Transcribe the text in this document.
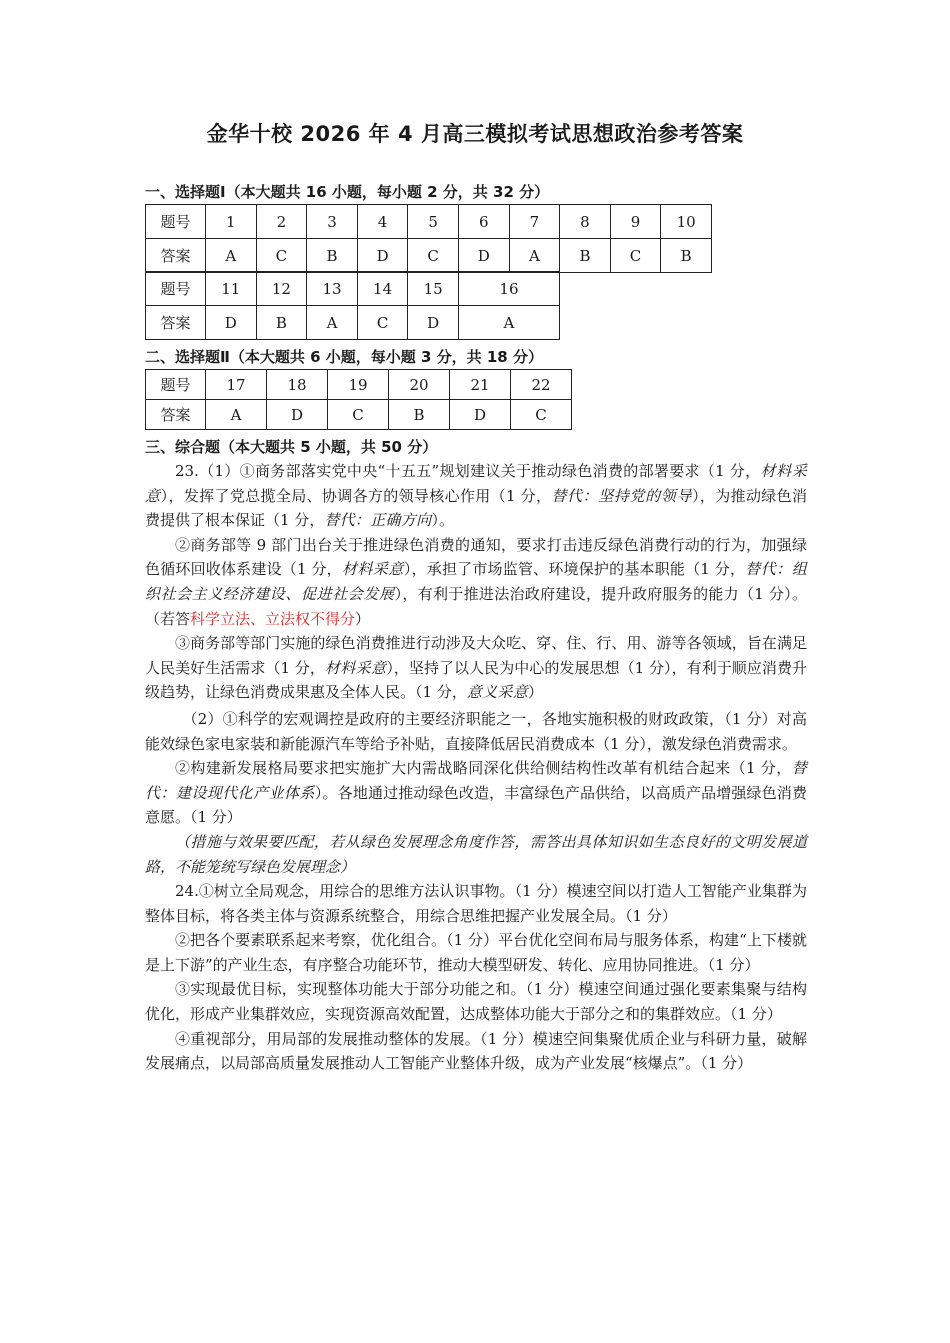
金华十校 2026 年 4 月高三模拟考试思想政治参考答案
一、选择题Ⅰ（本大题共 16 小题，每小题 2 分，共 32 分）
题号	1	2	3	4	5	6	7	8	9	10
答案	A	C	B	D	C	D	A	B	C	B
题号	11	12	13	14	15	16
答案	D	B	A	C	D	A
二、选择题Ⅱ（本大题共 6 小题，每小题 3 分，共 18 分）
题号	17	18	19	20	21	22
答案	A	D	C	B	D	C
三、综合题（本大题共 5 小题，共 50 分）

23.（1）①商务部落实党中央“十五五”规划建议关于推动绿色消费的部署要求（1 分，材料采意），发挥了党总揽全局、协调各方的领导核心作用（1 分，替代：坚持党的领导），为推动绿色消费提供了根本保证（1 分，替代：正确方向）。

②商务部等 9 部门出台关于推进绿色消费的通知，要求打击违反绿色消费行动的行为，加强绿色循环回收体系建设（1 分，材料采意），承担了市场监管、环境保护的基本职能（1 分，替代：组织社会主义经济建设、促进社会发展），有利于推进法治政府建设，提升政府服务的能力（1 分）。（若答科学立法、立法权不得分）

③商务部等部门实施的绿色消费推进行动涉及大众吃、穿、住、行、用、游等各领域，旨在满足人民美好生活需求（1 分，材料采意），坚持了以人民为中心的发展思想（1 分），有利于顺应消费升级趋势，让绿色消费成果惠及全体人民。（1 分，意义采意）

（2）①科学的宏观调控是政府的主要经济职能之一，各地实施积极的财政政策，（1 分）对高能效绿色家电家装和新能源汽车等给予补贴，直接降低居民消费成本（1 分），激发绿色消费需求。

②构建新发展格局要求把实施扩大内需战略同深化供给侧结构性改革有机结合起来（1 分，替代：建设现代化产业体系）。各地通过推动绿色改造，丰富绿色产品供给，以高质产品增强绿色消费意愿。（1 分）

（措施与效果要匹配，若从绿色发展理念角度作答，需答出具体知识如生态良好的文明发展道路，不能笼统写绿色发展理念）

24.①树立全局观念，用综合的思维方法认识事物。（1 分）模速空间以打造人工智能产业集群为整体目标，将各类主体与资源系统整合，用综合思维把握产业发展全局。（1 分）

②把各个要素联系起来考察，优化组合。（1 分）平台优化空间布局与服务体系，构建“上下楼就是上下游”的产业生态，有序整合功能环节，推动大模型研发、转化、应用协同推进。（1 分）

③实现最优目标，实现整体功能大于部分功能之和。（1 分）模速空间通过强化要素集聚与结构优化，形成产业集群效应，实现资源高效配置，达成整体功能大于部分之和的集群效应。（1 分）

④重视部分，用局部的发展推动整体的发展。（1 分）模速空间集聚优质企业与科研力量，破解发展痛点，以局部高质量发展推动人工智能产业整体升级，成为产业发展“核爆点”。（1 分）
